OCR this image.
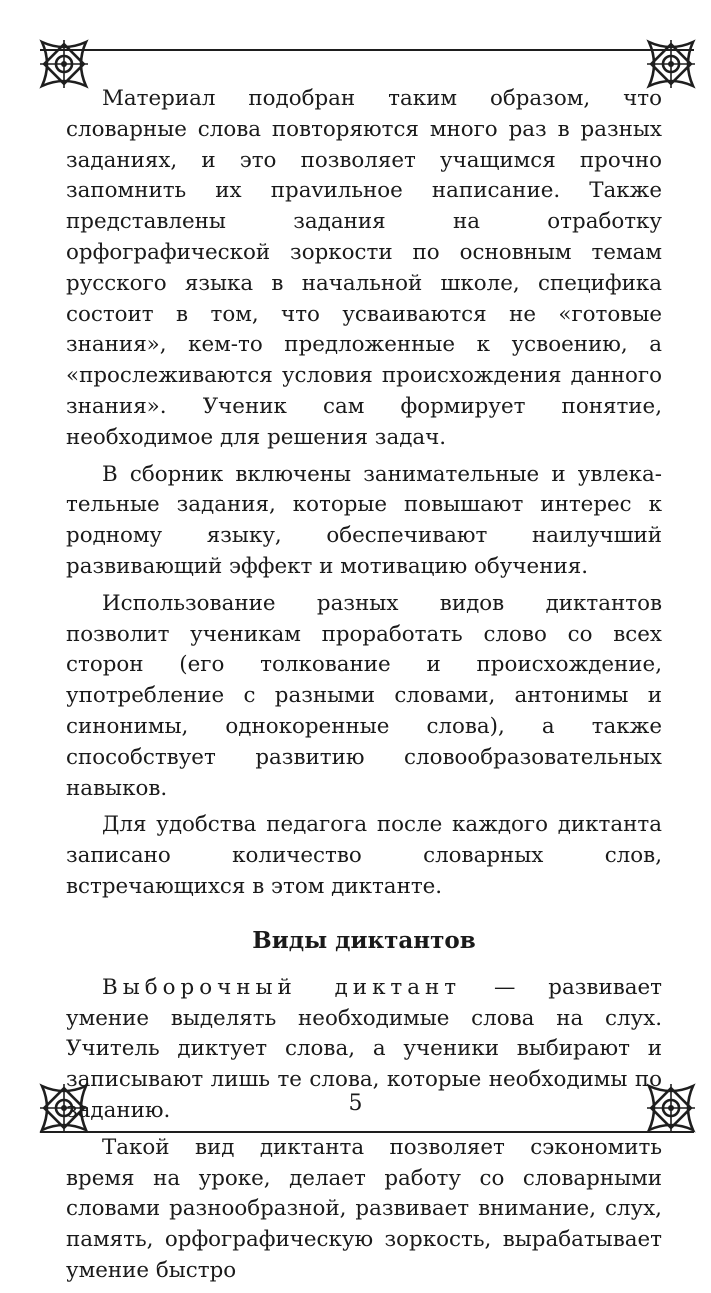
Материал подобран таким образом, что словарные слова повторяются много раз в разных заданиях, и это позволяет учащимся прочно запомнить их праvильное написание. Также представлены задания на отработку орфографической зоркости по основным темам русского языка в начальной школе, специфика состоит в том, что усваиваются не «готовые знания», кем-то предложенные к усвоению, а «прослеживаются условия происхождения данного знания». Ученик сам формирует понятие, необходимое для решения задач.

В сборник включены занимательные и увлекательные задания, которые повышают интерес к родному языку, обеспечивают наилучший развивающий эффект и мотивацию обучения.

Использование разных видов диктантов позволит ученикам проработать слово со всех сторон (его толкование и происхождение, употребление с разными словами, антонимы и синонимы, однокоренные слова), а также способствует развитию словообразовательных навыков.

Для удобства педагога после каждого диктанта записано количество словарных слов, встречающихся в этом диктанте.

Виды диктантов

Выборочный диктант — развивает умение выделять необходимые слова на слух. Учитель диктует слова, а ученики выбирают и записывают лишь те слова, которые необходимы по заданию.

Такой вид диктанта позволяет сэкономить время на уроке, делает работу со словарными словами разнообразной, развивает внимание, слух, память, орфографическую зоркость, вырабатывает умение быстро

5
